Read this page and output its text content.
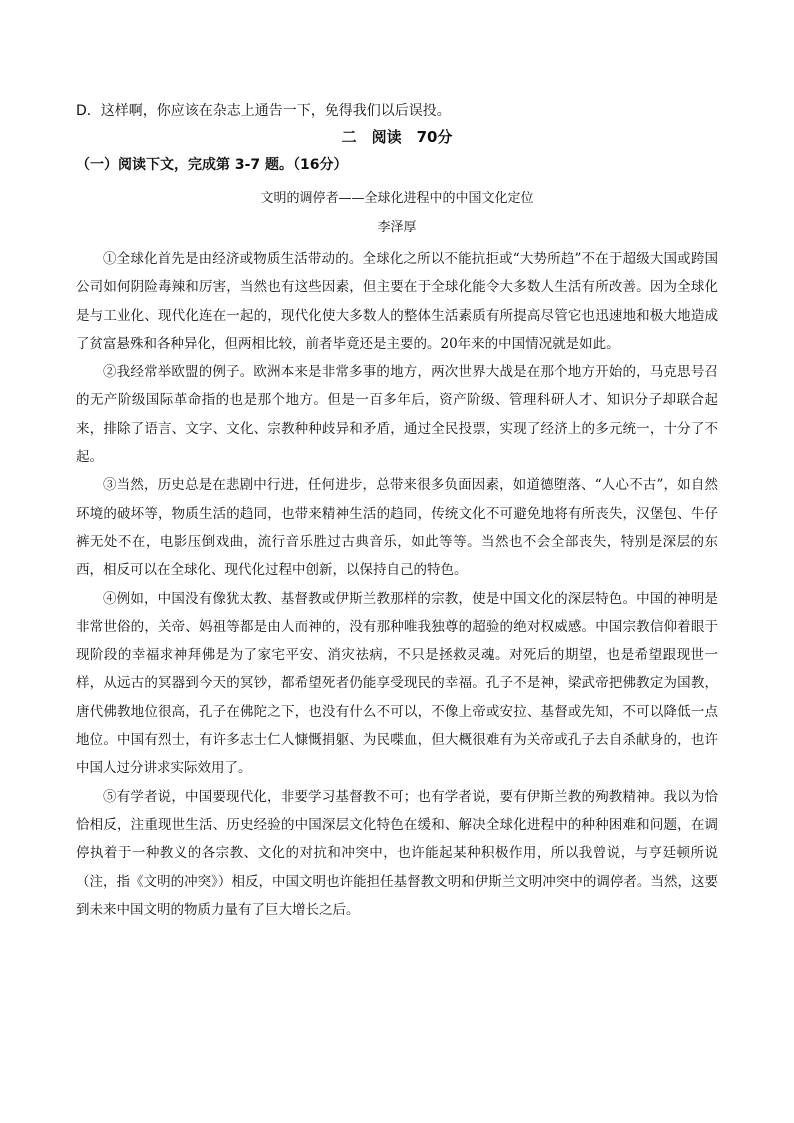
D．这样啊，你应该在杂志上通告一下，免得我们以后误投。
二　阅读　70分
（一）阅读下文，完成第 3-7 题。（16分）
文明的调停者——全球化进程中的中国文化定位
李泽厚

①全球化首先是由经济或物质生活带动的。全球化之所以不能抗拒或“大势所趋”不在于超级大国或跨国公司如何阴险毒辣和厉害，当然也有这些因素，但主要在于全球化能令大多数人生活有所改善。因为全球化是与工业化、现代化连在一起的，现代化使大多数人的整体生活素质有所提高尽管它也迅速地和极大地造成了贫富悬殊和各种异化，但两相比较，前者毕竟还是主要的。20年来的中国情况就是如此。

②我经常举欧盟的例子。欧洲本来是非常多事的地方，两次世界大战是在那个地方开始的，马克思号召的无产阶级国际革命指的也是那个地方。但是一百多年后，资产阶级、管理科研人才、知识分子却联合起来，排除了语言、文字、文化、宗教种种歧异和矛盾，通过全民投票，实现了经济上的多元统一，十分了不起。

③当然，历史总是在悲剧中行进，任何进步，总带来很多负面因素，如道德堕落、“人心不古”，如自然环境的破坏等，物质生活的趋同，也带来精神生活的趋同，传统文化不可避免地将有所丧失，汉堡包、牛仔裤无处不在，电影压倒戏曲，流行音乐胜过古典音乐，如此等等。当然也不会全部丧失，特别是深层的东西，相反可以在全球化、现代化过程中创新，以保持自己的特色。

④例如，中国没有像犹太教、基督教或伊斯兰教那样的宗教，使是中国文化的深层特色。中国的神明是非常世俗的，关帝、妈祖等都是由人而神的，没有那种唯我独尊的超验的绝对权威感。中国宗教信仰着眼于现阶段的幸福求神拜佛是为了家宅平安、消灾祛病，不只是拯救灵魂。对死后的期望，也是希望跟现世一样，从远古的冥器到今天的冥钞，都希望死者仍能享受现民的幸福。孔子不是神，梁武帝把佛教定为国教，唐代佛教地位很高，孔子在佛陀之下，也没有什么不可以，不像上帝或安拉、基督或先知，不可以降低一点地位。中国有烈士，有许多志士仁人慷慨捐躯、为民喋血，但大概很难有为关帝或孔子去自杀献身的，也许中国人过分讲求实际效用了。

⑤有学者说，中国要现代化，非要学习基督教不可；也有学者说，要有伊斯兰教的殉教精神。我以为恰恰相反，注重现世生活、历史经验的中国深层文化特色在缓和、解决全球化进程中的种种困难和问题，在调停执着于一种教义的各宗教、文化的对抗和冲突中，也许能起某种积极作用，所以我曾说，与亨廷顿所说（注，指《文明的冲突》）相反，中国文明也许能担任基督教文明和伊斯兰文明冲突中的调停者。当然，这要到未来中国文明的物质力量有了巨大增长之后。
